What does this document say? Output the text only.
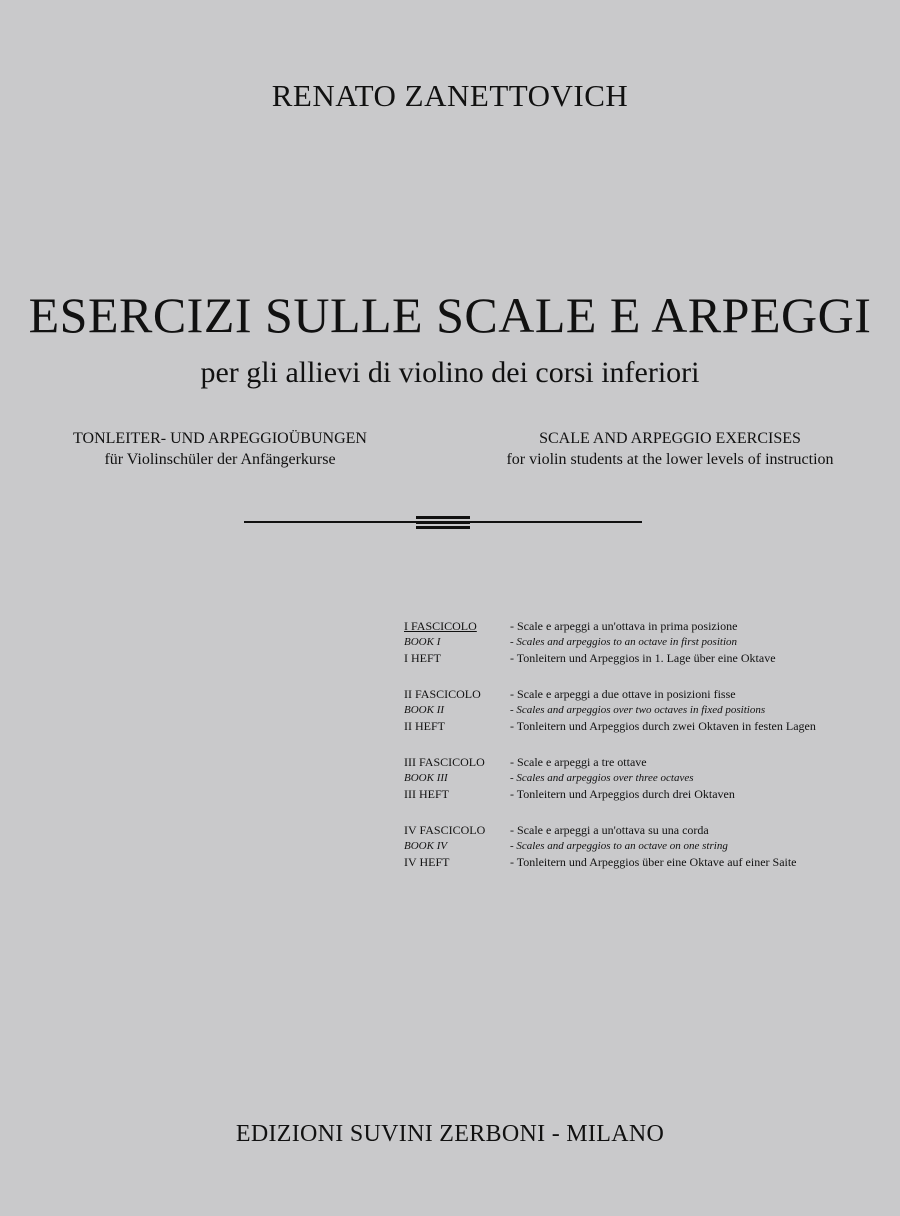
RENATO ZANETTOVICH
ESERCIZI SULLE SCALE E ARPEGGI
per gli allievi di violino dei corsi inferiori
TONLEITER- UND ARPEGGIOÜBUNGEN
für Violinschüler der Anfängerkurse
SCALE AND ARPEGGIO EXERCISES
for violin students at the lower levels of instruction
I FASCICOLO	- Scale e arpeggi a un'ottava in prima posizione
BOOK I	- Scales and arpeggios to an octave in first position
I HEFT	- Tonleitern und Arpeggios in 1. Lage über eine Oktave
II FASCICOLO	- Scale e arpeggi a due ottave in posizioni fisse
BOOK II	- Scales and arpeggios over two octaves in fixed positions
II HEFT	- Tonleitern und Arpeggios durch zwei Oktaven in festen Lagen
III FASCICOLO	- Scale e arpeggi a tre ottave
BOOK III	- Scales and arpeggios over three octaves
III HEFT	- Tonleitern und Arpeggios durch drei Oktaven
IV FASCICOLO	- Scale e arpeggi a un'ottava su una corda
BOOK IV	- Scales and arpeggios to an octave on one string
IV HEFT	- Tonleitern und Arpeggios über eine Oktave auf einer Saite
EDIZIONI SUVINI ZERBONI - MILANO
